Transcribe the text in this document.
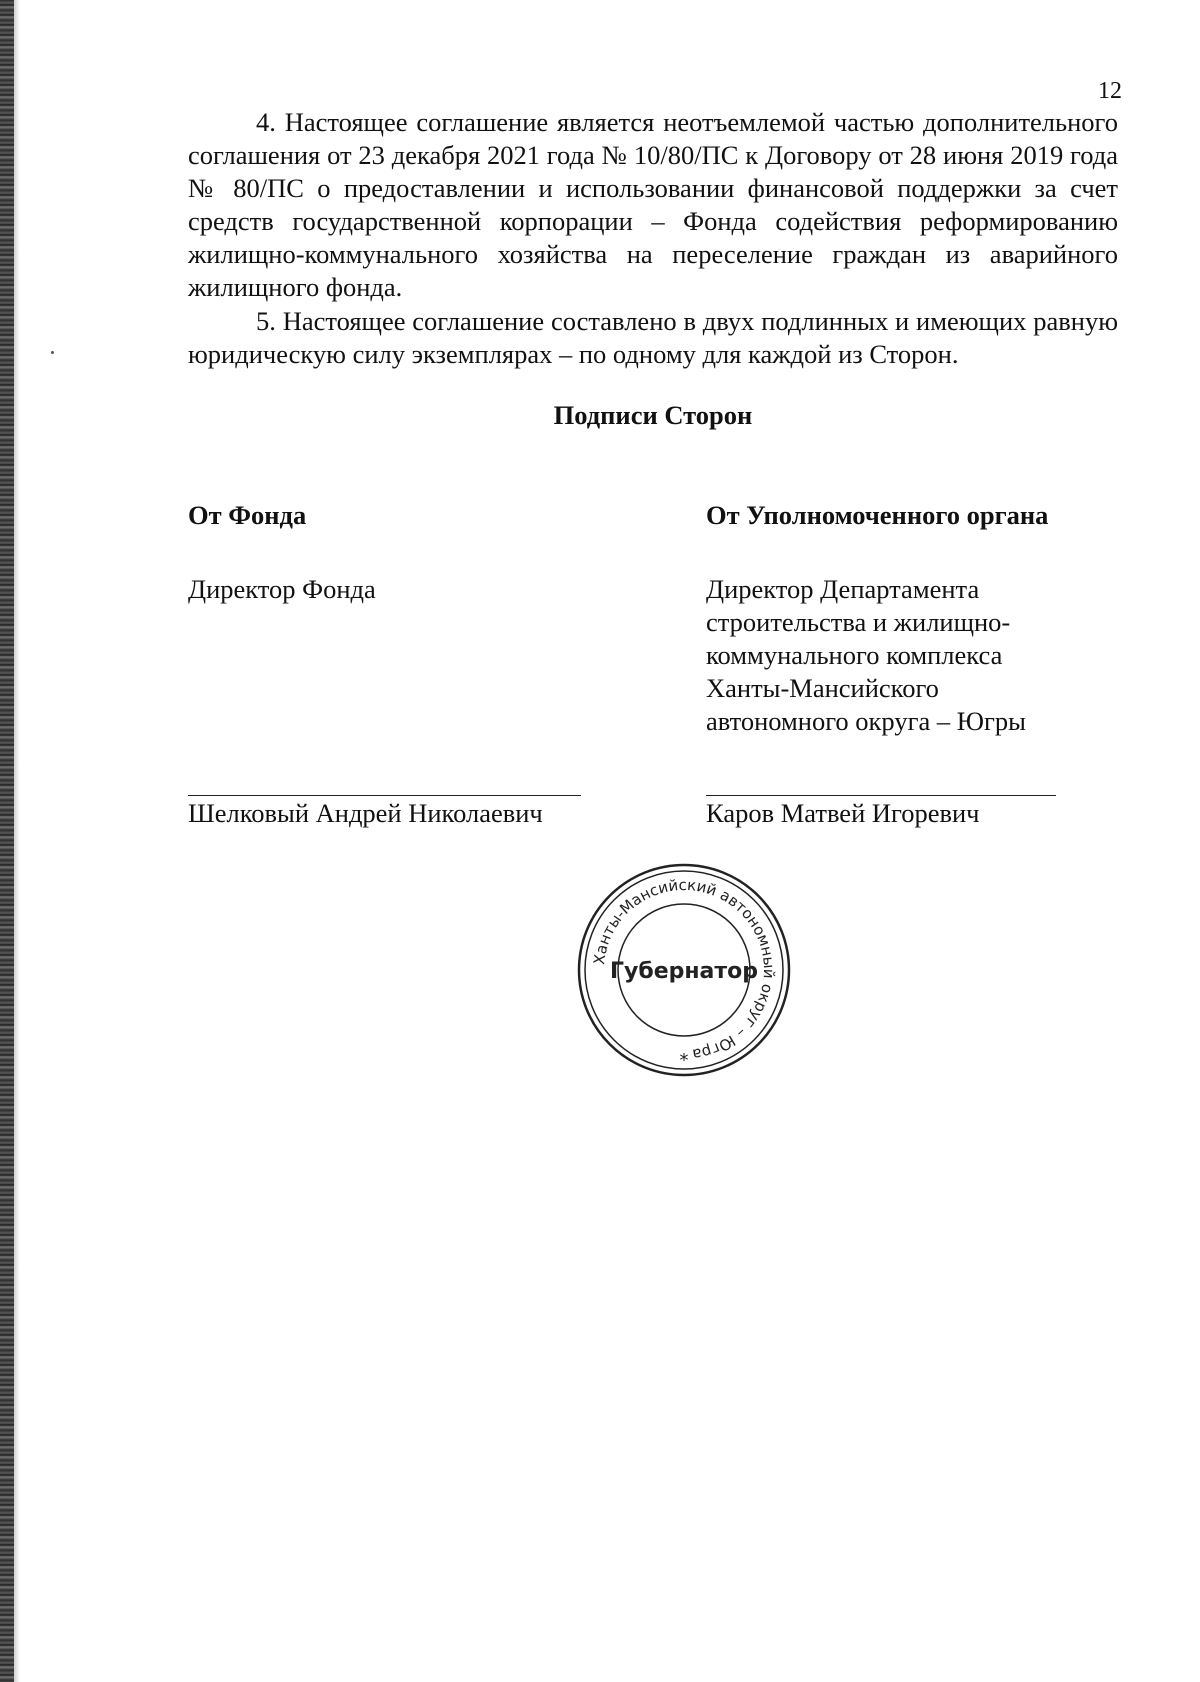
12
4. Настоящее соглашение является неотъемлемой частью дополнительного соглашения от 23 декабря 2021 года № 10/80/ПС к Договору от 28 июня 2019 года № 80/ПС о предоставлении и использовании финансовой поддержки за счет средств государственной корпорации – Фонда содействия реформированию жилищно-коммунального хозяйства на переселение граждан из аварийного жилищного фонда.
5. Настоящее соглашение составлено в двух подлинных и имеющих равную юридическую силу экземплярах – по одному для каждой из Сторон.
Подписи Сторон
От Фонда	От Уполномоченного органа
Директор Фонда	Директор Департамента
строительства и жилищно-
коммунального комплекса
Ханты-Мансийского
автономного округа – Югры
Шелковый Андрей Николаевич	Каров Матвей Игоревич
Ханты-Мансийский автономный округ – Югра
Губернатор
*
